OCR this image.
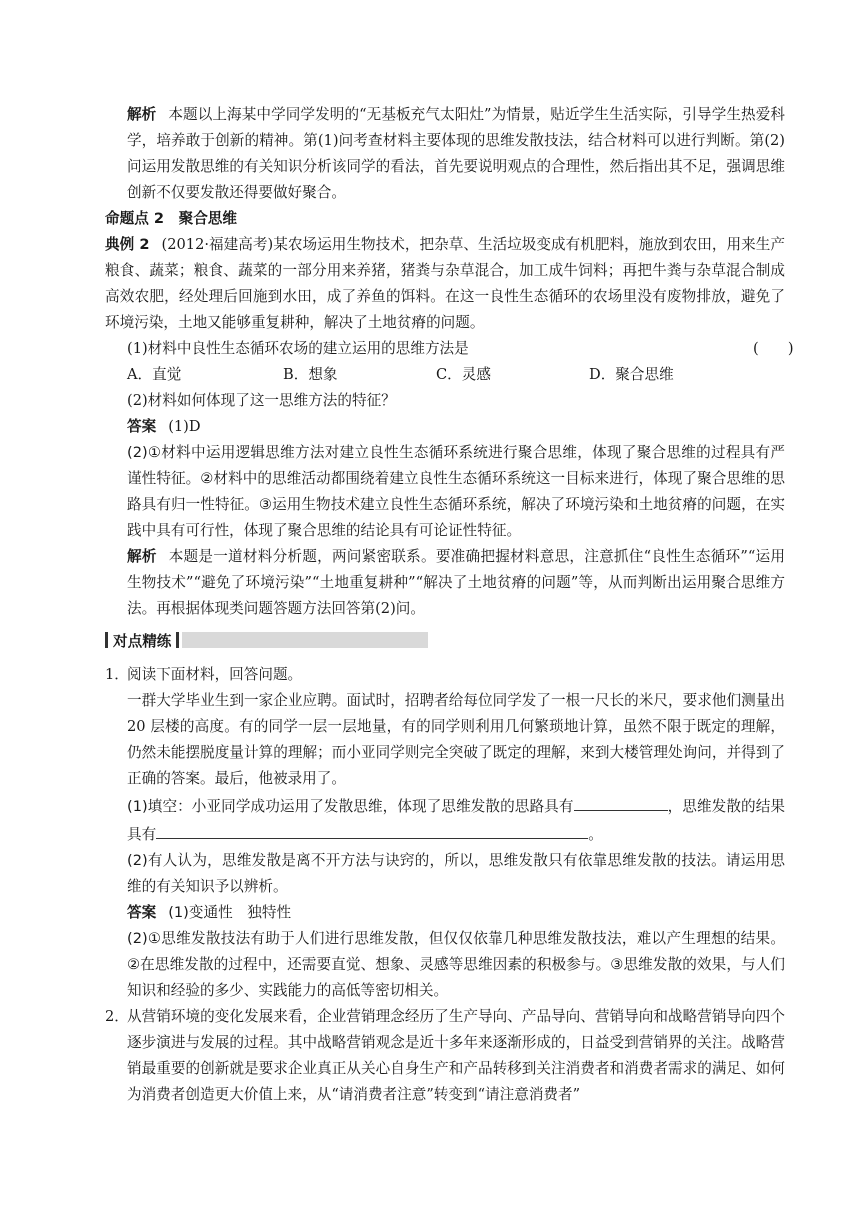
解析 本题以上海某中学同学发明的“无基板充气太阳灶”为情景，贴近学生生活实际，引导学生热爱科学，培养敢于创新的精神。第(1)问考查材料主要体现的思维发散技法，结合材料可以进行判断。第(2)问运用发散思维的有关知识分析该同学的看法，首先要说明观点的合理性，然后指出其不足，强调思维创新不仅要发散还得要做好聚合。

命题点 2　聚合思维

典例 2 (2012·福建高考)某农场运用生物技术，把杂草、生活垃圾变成有机肥料，施放到农田，用来生产粮食、蔬菜；粮食、蔬菜的一部分用来养猪，猪粪与杂草混合，加工成牛饲料；再把牛粪与杂草混合制成高效农肥，经处理后回施到水田，成了养鱼的饵料。在这一良性生态循环的农场里没有废物排放，避免了环境污染，土地又能够重复耕种，解决了土地贫瘠的问题。

(1)材料中良性生态循环农场的建立运用的思维方法是	(　　)

A．直觉	B．想象	C．灵感	D．聚合思维

(2)材料如何体现了这一思维方法的特征？

答案 (1)D

(2)①材料中运用逻辑思维方法对建立良性生态循环系统进行聚合思维，体现了聚合思维的过程具有严谨性特征。②材料中的思维活动都围绕着建立良性生态循环系统这一目标来进行，体现了聚合思维的思路具有归一性特征。③运用生物技术建立良性生态循环系统，解决了环境污染和土地贫瘠的问题，在实践中具有可行性，体现了聚合思维的结论具有可论证性特征。

解析 本题是一道材料分析题，两问紧密联系。要准确把握材料意思，注意抓住“良性生态循环”“运用生物技术”“避免了环境污染”“土地重复耕种”“解决了土地贫瘠的问题”等，从而判断出运用聚合思维方法。再根据体现类问题答题方法回答第(2)问。

对点精练

1．阅读下面材料，回答问题。

一群大学毕业生到一家企业应聘。面试时，招聘者给每位同学发了一根一尺长的米尺，要求他们测量出 20 层楼的高度。有的同学一层一层地量，有的同学则利用几何繁琐地计算，虽然不限于既定的理解，仍然未能摆脱度量计算的理解；而小亚同学则完全突破了既定的理解，来到大楼管理处询问，并得到了正确的答案。最后，他被录用了。

(1)填空：小亚同学成功运用了发散思维，体现了思维发散的思路具有	，思维发散的结果具有	。

(2)有人认为，思维发散是离不开方法与诀窍的，所以，思维发散只有依靠思维发散的技法。请运用思维的有关知识予以辨析。

答案 (1)变通性　独特性

(2)①思维发散技法有助于人们进行思维发散，但仅仅依靠几种思维发散技法，难以产生理想的结果。②在思维发散的过程中，还需要直觉、想象、灵感等思维因素的积极参与。③思维发散的效果，与人们知识和经验的多少、实践能力的高低等密切相关。

2．从营销环境的变化发展来看，企业营销理念经历了生产导向、产品导向、营销导向和战略营销导向四个逐步演进与发展的过程。其中战略营销观念是近十多年来逐渐形成的，日益受到营销界的关注。战略营销最重要的创新就是要求企业真正从关心自身生产和产品转移到关注消费者和消费者需求的满足、如何为消费者创造更大价值上来，从“请消费者注意”转变到“请注意消费者”
